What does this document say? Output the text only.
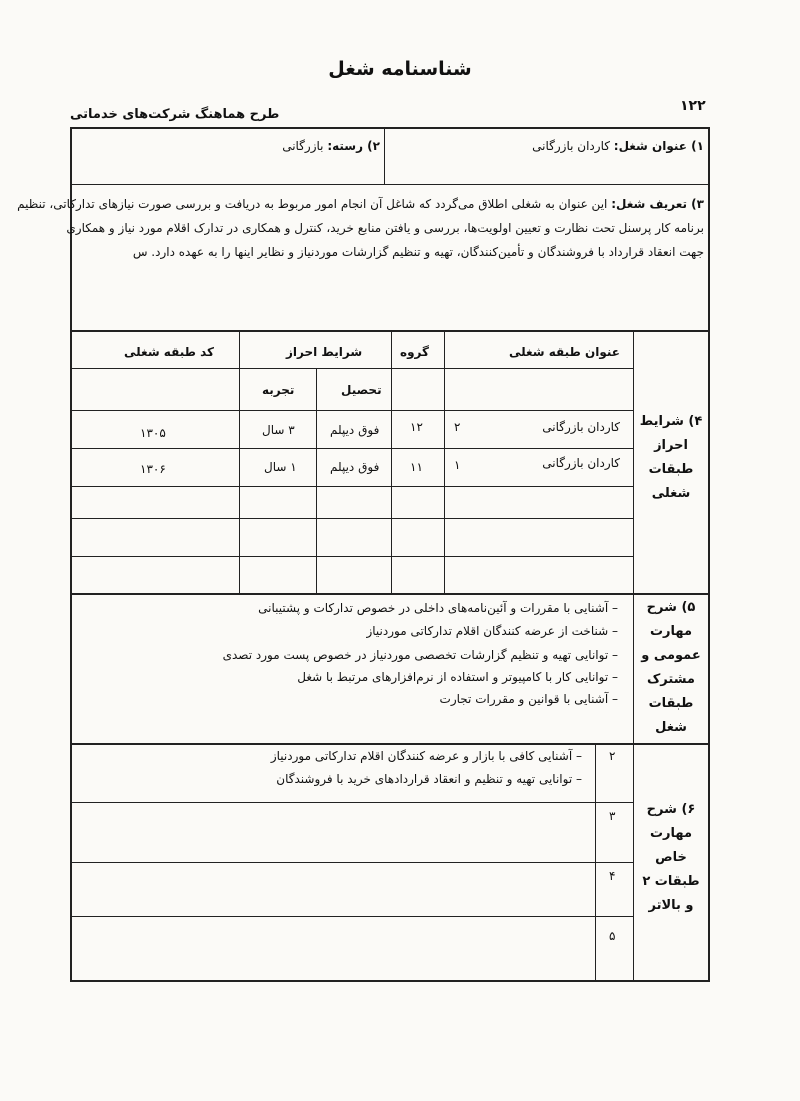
شناسنامه شغل
۱۲۲
طرح هماهنگ شرکت‌های خدماتی
۱) عنوان شغل: کاردان بازرگانی
۲) رسته: بازرگانی
۳) تعریف شغل: این عنوان به شغلی اطلاق می‌گردد که شاغل آن انجام امور مربوط به دریافت و بررسی صورت نیازهای تدارکاتی، تنظیم
برنامه کار پرسنل تحت نظارت و تعیین اولویت‌ها، بررسی و یافتن منابع خرید، کنترل و همکاری در تدارک اقلام مورد نیاز و همکاری
جهت انعقاد قرارداد با فروشندگان و تأمین‌کنندگان، تهیه و تنظیم گزارشات موردنیاز و نظایر اینها را به عهده دارد. س
۴) شرایط
احراز
طبقات
شغلی
عنوان طبقه شغلی
گروه
شرایط احراز
کد طبقه شغلی
تحصیل
تجربه
کاردان بازرگانی
۲
۱۲
فوق دیپلم
۳ سال
۱۳۰۵
کاردان بازرگانی
۱
۱۱
فوق دیپلم
۱ سال
۱۳۰۶
۵) شرح
مهارت
عمومی و
مشترک
طبقات
شغل
– آشنایی با مقررات و آئین‌نامه‌های داخلی در خصوص تدارکات و پشتیبانی
– شناخت از عرضه کنندگان اقلام تدارکاتی موردنیاز
– توانایی تهیه و تنظیم گزارشات تخصصی موردنیاز در خصوص پست مورد تصدی
– توانایی کار با کامپیوتر و استفاده از نرم‌افزارهای مرتبط با شغل
– آشنایی با قوانین و مقررات تجارت
۶) شرح
مهارت
خاص
طبقات ۲
و بالاتر
۲
۳
۴
۵
– آشنایی کافی با بازار و عرضه کنندگان اقلام تدارکاتی موردنیاز
– توانایی تهیه و تنظیم و انعقاد قراردادهای خرید با فروشندگان
